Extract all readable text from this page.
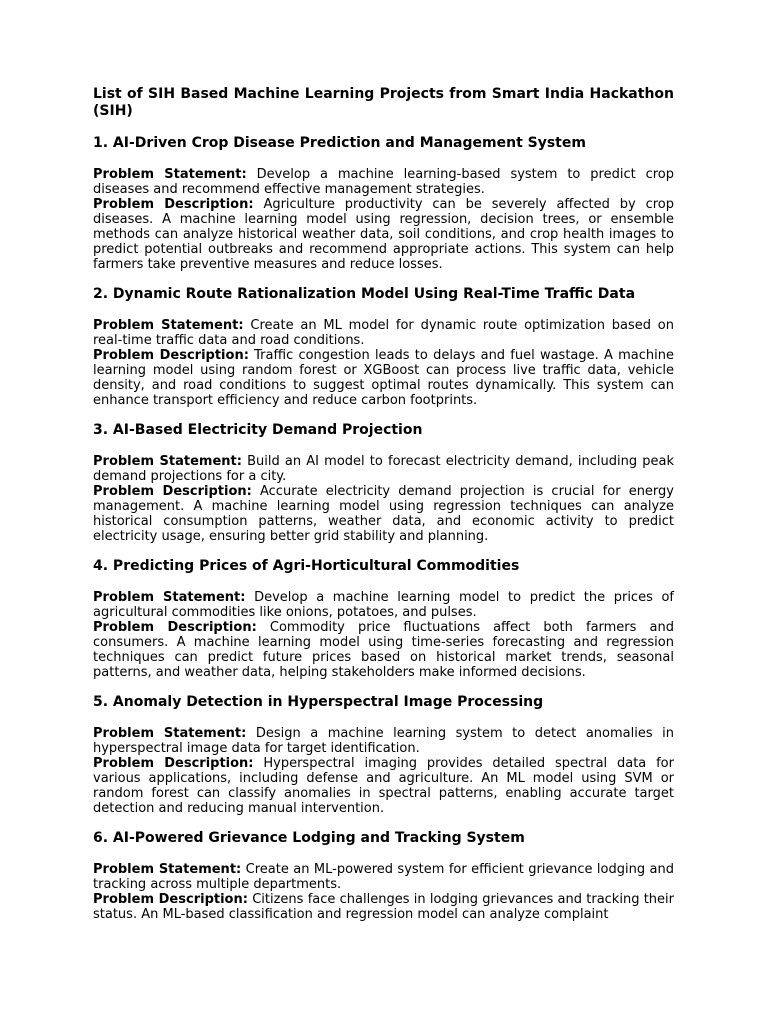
List of SIH Based Machine Learning Projects from Smart India Hackathon (SIH)
1. AI-Driven Crop Disease Prediction and Management System

Problem Statement: Develop a machine learning-based system to predict crop diseases and recommend effective management strategies.

Problem Description: Agriculture productivity can be severely affected by crop diseases. A machine learning model using regression, decision trees, or ensemble methods can analyze historical weather data, soil conditions, and crop health images to predict potential outbreaks and recommend appropriate actions. This system can help farmers take preventive measures and reduce losses.

2. Dynamic Route Rationalization Model Using Real-Time Traffic Data

Problem Statement: Create an ML model for dynamic route optimization based on real-time traffic data and road conditions.

Problem Description: Traffic congestion leads to delays and fuel wastage. A machine learning model using random forest or XGBoost can process live traffic data, vehicle density, and road conditions to suggest optimal routes dynamically. This system can enhance transport efficiency and reduce carbon footprints.

3. AI-Based Electricity Demand Projection

Problem Statement: Build an AI model to forecast electricity demand, including peak demand projections for a city.

Problem Description: Accurate electricity demand projection is crucial for energy management. A machine learning model using regression techniques can analyze historical consumption patterns, weather data, and economic activity to predict electricity usage, ensuring better grid stability and planning.

4. Predicting Prices of Agri-Horticultural Commodities

Problem Statement: Develop a machine learning model to predict the prices of agricultural commodities like onions, potatoes, and pulses.

Problem Description: Commodity price fluctuations affect both farmers and consumers. A machine learning model using time-series forecasting and regression techniques can predict future prices based on historical market trends, seasonal patterns, and weather data, helping stakeholders make informed decisions.

5. Anomaly Detection in Hyperspectral Image Processing

Problem Statement: Design a machine learning system to detect anomalies in hyperspectral image data for target identification.

Problem Description: Hyperspectral imaging provides detailed spectral data for various applications, including defense and agriculture. An ML model using SVM or random forest can classify anomalies in spectral patterns, enabling accurate target detection and reducing manual intervention.

6. AI-Powered Grievance Lodging and Tracking System

Problem Statement: Create an ML-powered system for efficient grievance lodging and tracking across multiple departments.

Problem Description: Citizens face challenges in lodging grievances and tracking their status. An ML-based classification and regression model can analyze complaint
